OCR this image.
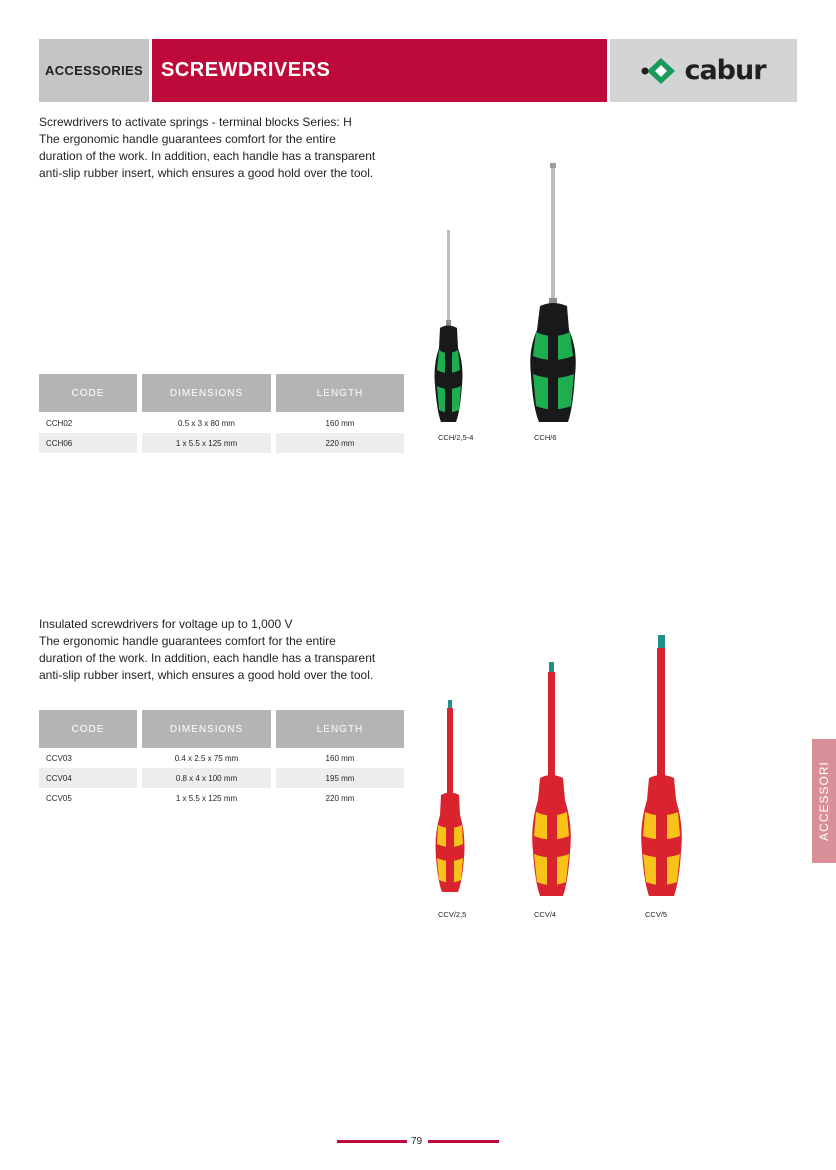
ACCESSORIES SCREWDRIVERS	cabur
Screwdrivers to activate springs - terminal blocks Series: H
The ergonomic handle guarantees comfort for the entire
duration of the work. In addition, each handle has a transparent
anti-slip rubber insert, which ensures a good hold over the tool.
CODE	DIMENSIONS	LENGTH
CCH02	0.5 x 3 x 80 mm	160 mm
CCH06	1 x 5.5 x 125 mm	220 mm
CCH/2,5-4	CCH/6
Insulated screwdrivers for voltage up to 1,000 V
The ergonomic handle guarantees comfort for the entire
duration of the work. In addition, each handle has a transparent
anti-slip rubber insert, which ensures a good hold over the tool.
CODE	DIMENSIONS	LENGTH
CCV03	0.4 x 2.5 x 75 mm	160 mm
CCV04	0.8 x 4 x 100 mm	195 mm
CCV05	1 x 5.5 x 125 mm	220 mm
CCV/2,5	CCV/4	CCV/5
ACCESSORI
79
